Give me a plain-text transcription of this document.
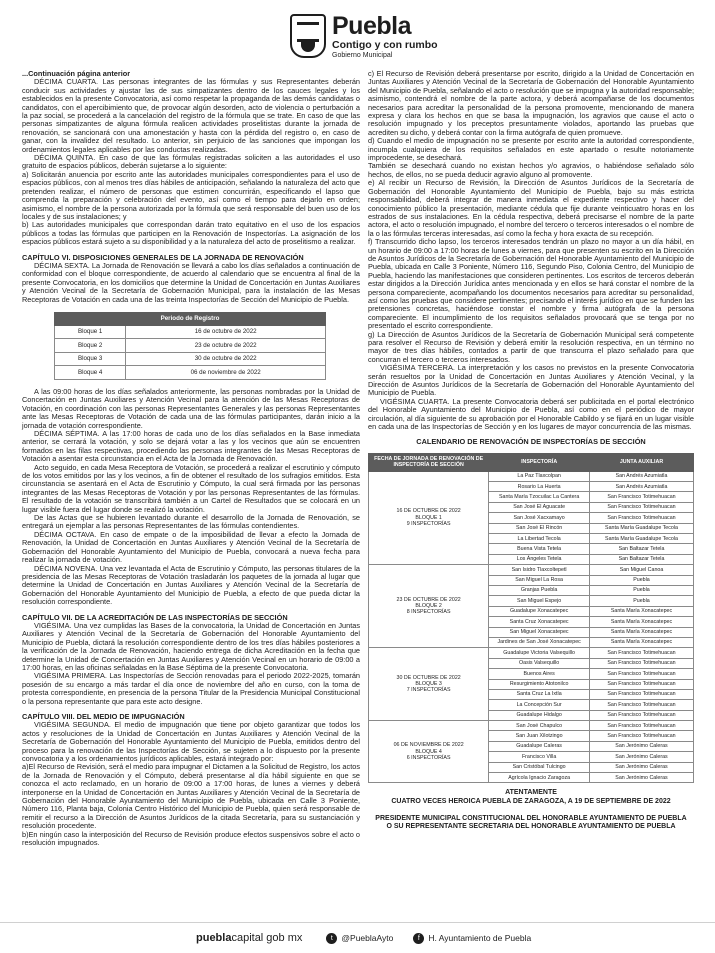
Puebla
Contigo y con rumbo
Gobierno Municipal

...Continuación página anterior

DÉCIMA CUARTA. Las personas integrantes de las fórmulas y sus Representantes deberán conducir sus actividades y ajustar las de sus simpatizantes dentro de los cauces legales y los establecidos en la presente Convocatoria, así como respetar la propaganda de las demás candidatas o candidatos, con el apercibimiento que, de provocar algún desorden, acto de violencia o perturbación a la paz social, se procederá a la cancelación del registro de la fórmula que se trate. En caso de que las personas simpatizantes de alguna fórmula realicen actividades proselitistas durante la jornada de renovación, se sancionará con una amonestación y hasta con la pérdida del registro o, en caso de ganar, con la invalidez del resultado. Lo anterior, sin perjuicio de las sanciones que impongan los ordenamientos legales aplicables por las conductas realizadas.

DÉCIMA QUINTA. En caso de que las fórmulas registradas soliciten a las autoridades el uso gratuito de espacios públicos, deberán sujetarse a lo siguiente:

a) Solicitarán anuencia por escrito ante las autoridades municipales correspondientes para el uso de espacios públicos, con al menos tres días hábiles de anticipación, señalando la naturaleza del acto que pretenden realizar, el número de personas que estimen concurrirán, especificando el lapso que comprenda la preparación y celebración del evento, así como el tiempo para dejarlo en orden; asimismo, el nombre de la persona autorizada por la fórmula que será responsable del buen uso de los locales y de sus instalaciones; y

b) Las autoridades municipales que correspondan darán trato equitativo en el uso de los espacios públicos a todas las fórmulas que participen en la Renovación de Inspectorías. La asignación de los espacios públicos estará sujeto a su disponibilidad y a la naturaleza del acto de proselitismo a realizar.

CAPÍTULO VI. DISPOSICIONES GENERALES DE LA JORNADA DE RENOVACIÓN

DÉCIMA SEXTA. La Jornada de Renovación se llevará a cabo los días señalados a continuación de conformidad con el bloque correspondiente, de acuerdo al calendario que se encuentra al final de la presente Convocatoria, en los domicilios que determine la Unidad de Concertación en Juntas Auxiliares y Atención Vecinal de la Secretaría de Gobernación Municipal, para la instalación de las Mesas Receptoras de Votación en cada una de las treinta Inspectorías de Sección del Municipio de Puebla.

Periodo de Registro	
Bloque 1	16 de octubre de 2022
Bloque 2	23 de octubre de 2022
Bloque 3	30 de octubre de 2022
Bloque 4	06 de noviembre de 2022

A las 09:00 horas de los días señalados anteriormente, las personas nombradas por la Unidad de Concertación en Juntas Auxiliares y Atención Vecinal para la atención de las Mesas Receptoras de Votación, en coordinación con las personas Representantes Generales y las personas Representantes ante las Mesas Receptoras de Votación de cada una de las fórmulas participantes, darán inicio a la jornada de votación correspondiente.

DÉCIMA SÉPTIMA. A las 17:00 horas de cada uno de los días señalados en la Base inmediata anterior, se cerrará la votación, y solo se dejará votar a las y los vecinos que aún se encuentren formados en las filas respectivas, procediendo las personas integrantes de las Mesas Receptoras de Votación a asentar esta circunstancia en el Acta de la Jornada de Renovación.

Acto seguido, en cada Mesa Receptora de Votación, se procederá a realizar el escrutinio y cómputo de los votos emitidos por las y los vecinos, a fin de obtener el resultado de los sufragios emitidos. Esta circunstancia se asentará en el Acta de Escrutinio y Cómputo, la cual será firmada por las personas integrantes de las Mesas Receptoras de Votación y por las personas Representantes de las fórmulas. El resultado de la votación se transcribirá también a un Cartel de Resultados que se colocará en un lugar visible fuera del lugar donde se realizó la votación.

De las Actas que se hubieren levantado durante el desarrollo de la Jornada de Renovación, se entregará un ejemplar a las personas Representantes de las fórmulas contendientes.

DÉCIMA OCTAVA. En caso de empate o de la imposibilidad de llevar a efecto la Jornada de Renovación, la Unidad de Concertación en Juntas Auxiliares y Atención Vecinal de la Secretaría de Gobernación del Honorable Ayuntamiento del Municipio de Puebla, convocará a nueva fecha para realizar la jornada de votación.

DÉCIMA NOVENA. Una vez levantada el Acta de Escrutinio y Cómputo, las personas titulares de la presidencia de las Mesas Receptoras de Votación trasladarán los paquetes de la jornada al lugar que determine la Unidad de Concertación en Juntas Auxiliares y Atención Vecinal de la Secretaría de Gobernación del Honorable Ayuntamiento del Municipio de Puebla, a efecto de que pueda dictar la resolución correspondiente.

CAPÍTULO VII. DE LA ACREDITACIÓN DE LAS INSPECTORÍAS DE SECCIÓN

VIGÉSIMA. Una vez cumplidas las Bases de la convocatoria, la Unidad de Concertación en Juntas Auxiliares y Atención Vecinal de la Secretaría de Gobernación del Honorable Ayuntamiento del Municipio de Puebla, dictará la resolución correspondiente dentro de los tres días hábiles posteriores a la verificación de la Jornada de Renovación, haciendo entrega de dicha Acreditación en la fecha que determine la Unidad de Concertación en Juntas Auxiliares y Atención Vecinal en un horario de 09:00 a 17:00 horas, en las oficinas señaladas en la Base Séptima de la presente Convocatoria.

VIGÉSIMA PRIMERA. Las Inspectorías de Sección renovadas para el periodo 2022-2025, tomarán posesión de su encargo a más tardar el día once de noviembre del año en curso, con la toma de protesta correspondiente, en presencia de la persona Titular de la Presidencia Municipal Constitucional o la persona representante que para este acto designe.

CAPÍTULO VIII. DEL MEDIO DE IMPUGNACIÓN

VIGÉSIMA SEGUNDA. El medio de impugnación que tiene por objeto garantizar que todos los actos y resoluciones de la Unidad de Concertación en Juntas Auxiliares y Atención Vecinal de la Secretaría de Gobernación del Honorable Ayuntamiento del Municipio de Puebla, emitidos dentro del proceso para la renovación de las Inspectorías de Sección, se sujeten a lo dispuesto por la presente convocatoria y a los ordenamientos jurídicos aplicables, estará integrado por:

a)El Recurso de Revisión, será el medio para impugnar el Dictamen a la Solicitud de Registro, los actos de la Jornada de Renovación y el Cómputo, deberá presentarse al día hábil siguiente en que se conozca el acto reclamado, en un horario de 09:00 a 17:00 horas, de lunes a viernes y deberá interponerse en la Unidad de Concertación en Juntas Auxiliares y Atención Vecinal de la Secretaría de Gobernación del Honorable Ayuntamiento del Municipio de Puebla, ubicada en Calle 3 Poniente, Número 116, Planta baja, Colonia Centro Histórico del Municipio de Puebla, quien será responsable de remitir el recurso a la Dirección de Asuntos Jurídicos de la citada Secretaría, para su sustanciación y resolución procedente.

b)En ningún caso la interposición del Recurso de Revisión produce efectos suspensivos sobre el acto o resolución impugnados.

c) El Recurso de Revisión deberá presentarse por escrito, dirigido a la Unidad de Concertación en Juntas Auxiliares y Atención Vecinal de la Secretaría de Gobernación del Honorable Ayuntamiento del Municipio de Puebla, señalando el acto o resolución que se impugna y la autoridad responsable; asimismo, contendrá el nombre de la parte actora, y deberá acompañarse de los documentos necesarios para acreditar la personalidad de la persona promovente, mencionando de manera expresa y clara los hechos en que se basa la impugnación, los agravios que cause el acto o resolución impugnado y los preceptos presuntamente violados, aportando las pruebas que acrediten su dicho, y deberá contar con la firma autógrafa de quien promueve.

d) Cuando el medio de impugnación no se presente por escrito ante la autoridad correspondiente, incumpla cualquiera de los requisitos señalados en este apartado o resulte notoriamente improcedente, se desechará.

También se desechará cuando no existan hechos y/o agravios, o habiéndose señalado sólo hechos, de ellos, no se pueda deducir agravio alguno al promovente.

e) Al recibir un Recurso de Revisión, la Dirección de Asuntos Jurídicos de la Secretaría de Gobernación del Honorable Ayuntamiento del Municipio de Puebla, bajo su más estricta responsabilidad, deberá integrar de manera inmediata el expediente respectivo y hacer del conocimiento público la presentación, mediante cédula que fije durante veinticuatro horas en los estrados de sus instalaciones. En la cédula respectiva, deberá precisarse el nombre de la parte actora, el acto o resolución impugnado, el nombre del tercero o terceros interesados o el nombre de la o las fórmulas terceras interesadas, así como la fecha y hora exacta de su recepción.

f) Transcurrido dicho lapso, los terceros interesados tendrán un plazo no mayor a un día hábil, en un horario de 09:00 a 17:00 horas de lunes a viernes, para que presenten su escrito en la Dirección de Asuntos Jurídicos de la Secretaría de Gobernación del Honorable Ayuntamiento del Municipio de Puebla, ubicada en Calle 3 Poniente, Número 116, Segundo Piso, Colonia Centro, del Municipio de Puebla, haciendo las manifestaciones que consideren pertinentes. Los escritos de terceros deberán estar dirigidos a la Dirección Jurídica antes mencionada y en ellos se hará constar el nombre de la persona compareciente, acompañando los documentos necesarios para acreditar su personalidad, así como las pruebas que considere pertinentes; precisando el interés jurídico en que se funden las pretensiones concretas, haciéndose constar el nombre y firma autógrafa de la persona compareciente. El incumplimiento de los requisitos señalados provocará que se tenga por no presentado el escrito correspondiente.

g) La Dirección de Asuntos Jurídicos de la Secretaría de Gobernación Municipal será competente para resolver el Recurso de Revisión y deberá emitir la resolución respectiva, en un término no mayor de tres días hábiles, contados a partir de que transcurra el plazo señalado para que concurran el tercero o terceros interesados.

VIGÉSIMA TERCERA. La interpretación y los casos no previstos en la presente Convocatoria serán resueltos por la Unidad de Concertación en Juntas Auxiliares y Atención Vecinal, y la Dirección de Asuntos Jurídicos de la Secretaría de Gobernación del Honorable Ayuntamiento del Municipio de Puebla.

VIGÉSIMA CUARTA. La presente Convocatoria deberá ser publicitada en el portal electrónico del Honorable Ayuntamiento del Municipio de Puebla, así como en el periódico de mayor circulación, al día siguiente de su aprobación por el Honorable Cabildo y se fijará en un lugar visible en cada una de las Inspectorías de Sección y en los lugares de mayor concurrencia de las mismas.

CALENDARIO DE RENOVACIÓN DE INSPECTORÍAS DE SECCIÓN

FECHA DE JORNADA DE RENOVACIÓN DE INSPECTORÍA DE SECCIÓN	INSPECTORÍA	JUNTA AUXILIAR
16 DE OCTUBRE DE 2022
BLOQUE 1
9 INSPECTORÍAS	La Paz Tlaxcolpan	San Andrés Azumiatla
	Rosario La Huerta	San Andrés Azumiatla
	Santa María Tzocuilac La Cantera	San Francisco Totimehuacan
	San José El Aguacate	San Francisco Totimehuacan
	San José Xacxamayo	San Francisco Totimehuacan
	San José El Rincón	Santa María Guadalupe Tecola
	La Libertad Tecola	Santa María Guadalupe Tecola
	Buena Vista Tetela	San Baltazar Tetela
	Los Ángeles Tetela	San Baltazar Tetela
23 DE OCTUBRE DE 2022
BLOQUE 2
8 INSPECTORÍAS	San Isidro Tlaxcoltepetl	San Miguel Canoa
	San Miguel La Rosa	Puebla
	Granjas Puebla	Puebla
	San Miguel Espejo	Puebla
	Guadalupe Xonacatepec	Santa María Xonacatepec
	Santa Cruz Xonacatepec	Santa María Xonacatepec
	San Miguel Xonacatepec	Santa María Xonacatepec
	Jardines de San José Xonacatepec	Santa María Xonacatepec
30 DE OCTUBRE DE 2022
BLOQUE 3
7 INSPECTORÍAS	Guadalupe Victoria Valsequillo	San Francisco Totimehuacan
	Oasis Valsequillo	San Francisco Totimehuacan
	Buenos Aires	San Francisco Totimehuacan
	Resurgimiento Atotonilco	San Francisco Totimehuacan
	Santa Cruz La Ixtla	San Francisco Totimehuacan
	La Concepción Sur	San Francisco Totimehuacan
	Guadalupe Hidalgo	San Francisco Totimehuacan
06 DE NOVIEMBRE DE 2022
BLOQUE 4
6 INSPECTORÍAS	San José Chapulco	San Francisco Totimehuacan
	San Juan Xilotzingo	San Francisco Totimehuacan
	Guadalupe Caleras	San Jerónimo Caleras
	Francisco Villa	San Jerónimo Caleras
	San Cristóbal Tulcingo	San Jerónimo Caleras
	Agrícola Ignacio Zaragoza	San Jerónimo Caleras

ATENTAMENTE
CUATRO VECES HEROICA PUEBLA DE ZARAGOZA, A 19 DE SEPTIEMBRE DE 2022

PRESIDENTE MUNICIPAL CONSTITUCIONAL DEL HONORABLE AYUNTAMIENTO DE PUEBLA
O SU REPRESENTANTE SECRETARIA DEL HONORABLE AYUNTAMIENTO DE PUEBLA

pueblacapital gob mx	t	@PueblaAyto	f	H. Ayuntamiento de Puebla
